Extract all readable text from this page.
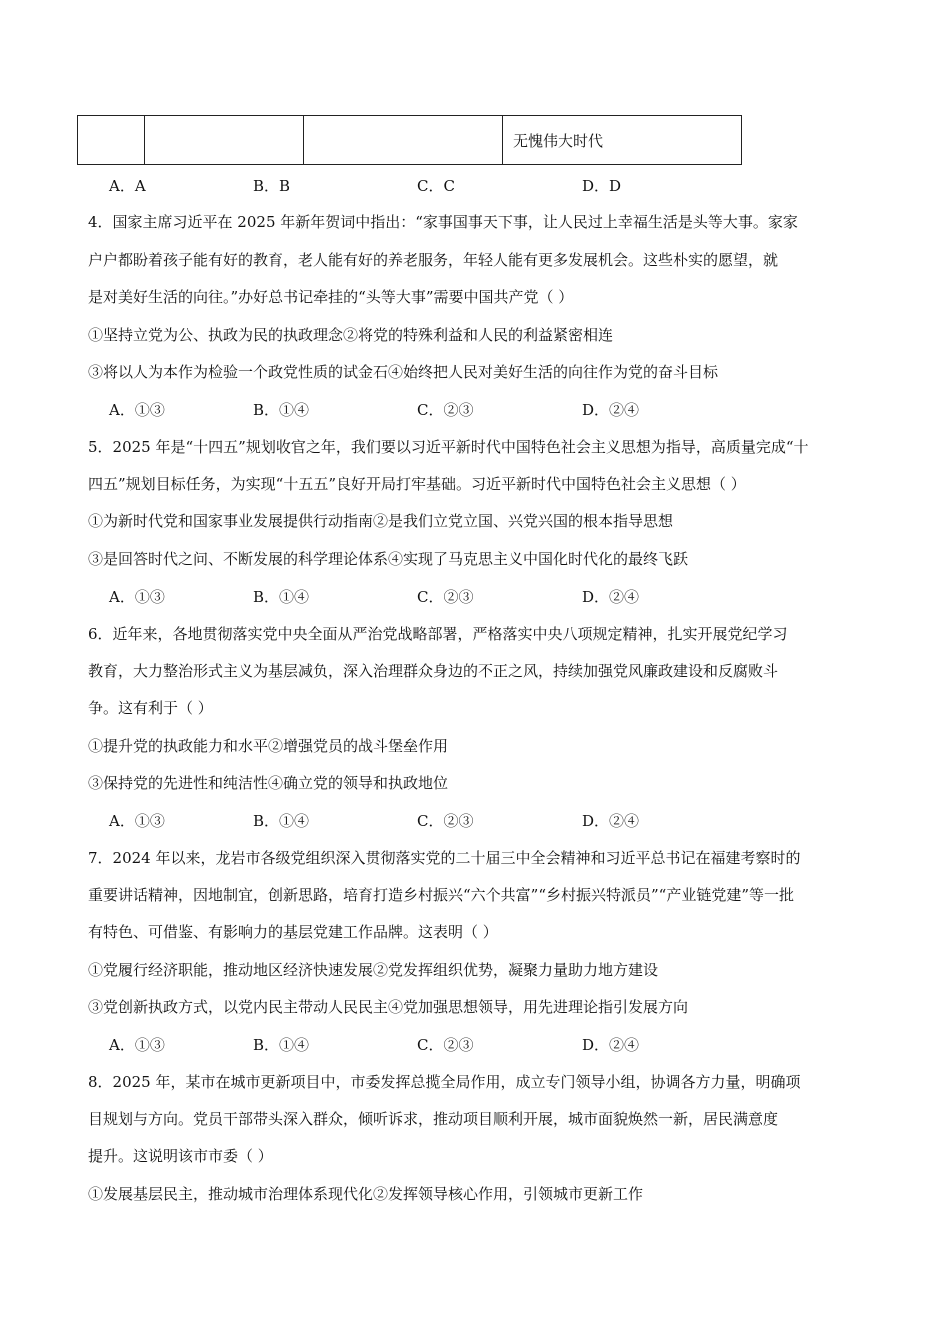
			无愧伟大时代
A．A	B．B	C．C	D．D
4．国家主席习近平在 2025 年新年贺词中指出：“家事国事天下事，让人民过上幸福生活是头等大事。家家
户户都盼着孩子能有好的教育，老人能有好的养老服务，年轻人能有更多发展机会。这些朴实的愿望，就
是对美好生活的向往。”办好总书记牵挂的“头等大事”需要中国共产党（ ）
①坚持立党为公、执政为民的执政理念②将党的特殊利益和人民的利益紧密相连
③将以人为本作为检验一个政党性质的试金石④始终把人民对美好生活的向往作为党的奋斗目标
A．①③	B．①④	C．②③	D．②④
5．2025 年是“十四五”规划收官之年，我们要以习近平新时代中国特色社会主义思想为指导，高质量完成“十
四五”规划目标任务，为实现“十五五”良好开局打牢基础。习近平新时代中国特色社会主义思想（ ）
①为新时代党和国家事业发展提供行动指南②是我们立党立国、兴党兴国的根本指导思想
③是回答时代之问、不断发展的科学理论体系④实现了马克思主义中国化时代化的最终飞跃
A．①③	B．①④	C．②③	D．②④
6．近年来，各地贯彻落实党中央全面从严治党战略部署，严格落实中央八项规定精神，扎实开展党纪学习
教育，大力整治形式主义为基层减负，深入治理群众身边的不正之风，持续加强党风廉政建设和反腐败斗
争。这有利于（ ）
①提升党的执政能力和水平②增强党员的战斗堡垒作用
③保持党的先进性和纯洁性④确立党的领导和执政地位
A．①③	B．①④	C．②③	D．②④
7．2024 年以来，龙岩市各级党组织深入贯彻落实党的二十届三中全会精神和习近平总书记在福建考察时的
重要讲话精神，因地制宜，创新思路，培育打造乡村振兴“六个共富”“乡村振兴特派员”“产业链党建”等一批
有特色、可借鉴、有影响力的基层党建工作品牌。这表明（ ）
①党履行经济职能，推动地区经济快速发展②党发挥组织优势，凝聚力量助力地方建设
③党创新执政方式，以党内民主带动人民民主④党加强思想领导，用先进理论指引发展方向
A．①③	B．①④	C．②③	D．②④
8．2025 年，某市在城市更新项目中，市委发挥总揽全局作用，成立专门领导小组，协调各方力量，明确项
目规划与方向。党员干部带头深入群众，倾听诉求，推动项目顺利开展，城市面貌焕然一新，居民满意度
提升。这说明该市市委（ ）
①发展基层民主，推动城市治理体系现代化②发挥领导核心作用，引领城市更新工作
